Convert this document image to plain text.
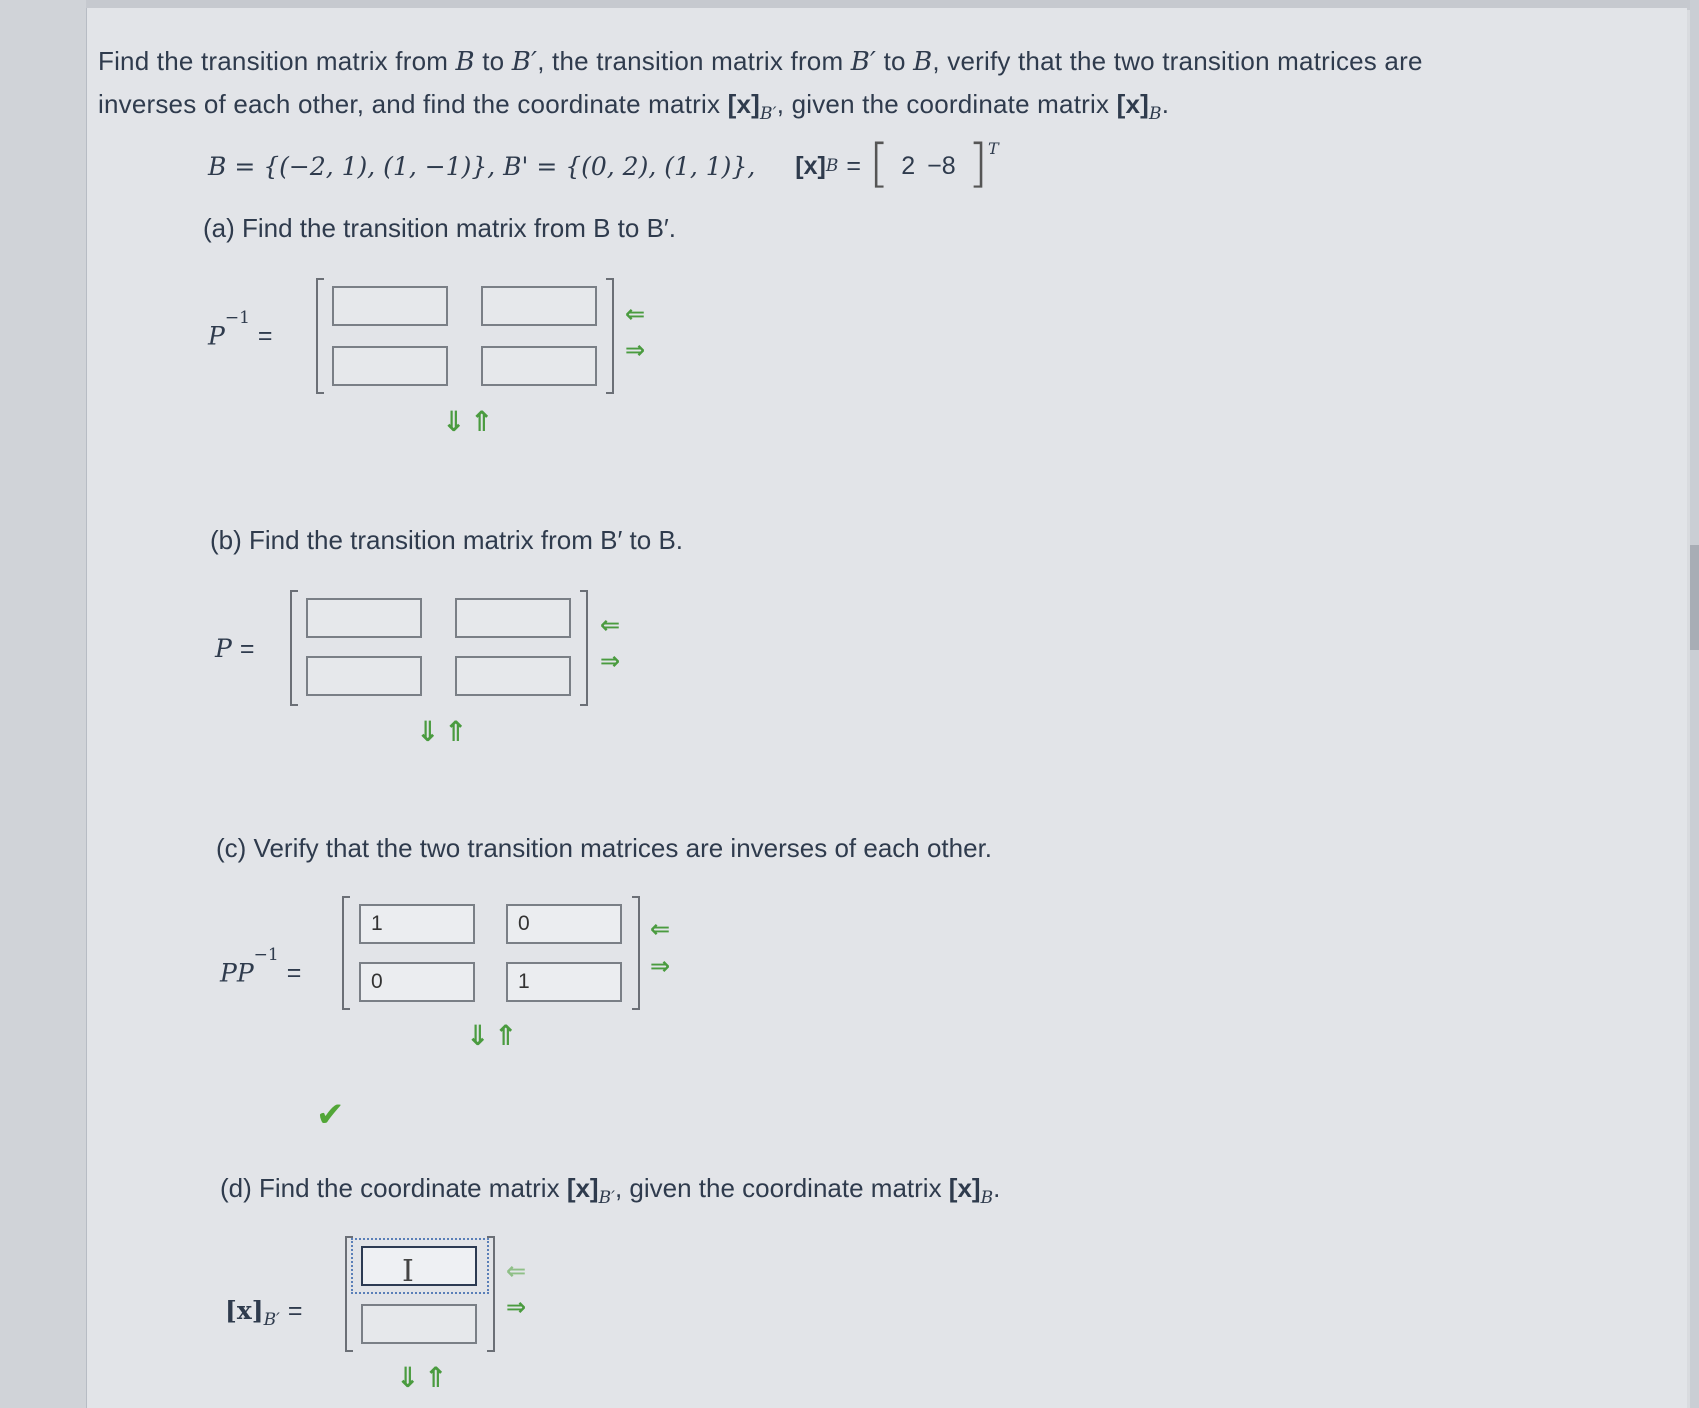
Find the transition matrix from B to B′, the transition matrix from B′ to B, verify that the two transition matrices are

inverses of each other, and find the coordinate matrix $[x]_{B'}$, given the coordinate matrix $[x]_B$.

B = {(−2, 1), (1, −1)}, B' = {(0, 2), (1, 1)}, [x] B = [ 2 −8 ]$^T$
(a) Find the transition matrix from B to B′.
$P^{-1}=$
⇐
⇒
⇓ ⇑
(b) Find the transition matrix from B′ to B.
P =
⇐
⇒
⇓ ⇑
(c) Verify that the two transition matrices are inverses of each other.
$PP^{-1}=$
1	0
0	1
⇐
⇒
⇓ ⇑
✔
(d) Find the coordinate matrix $[x]_{B'}$, given the coordinate matrix $[x]_B$.
$[x]_{B'}$ =
I	⇐
⇒
⇓ ⇑
